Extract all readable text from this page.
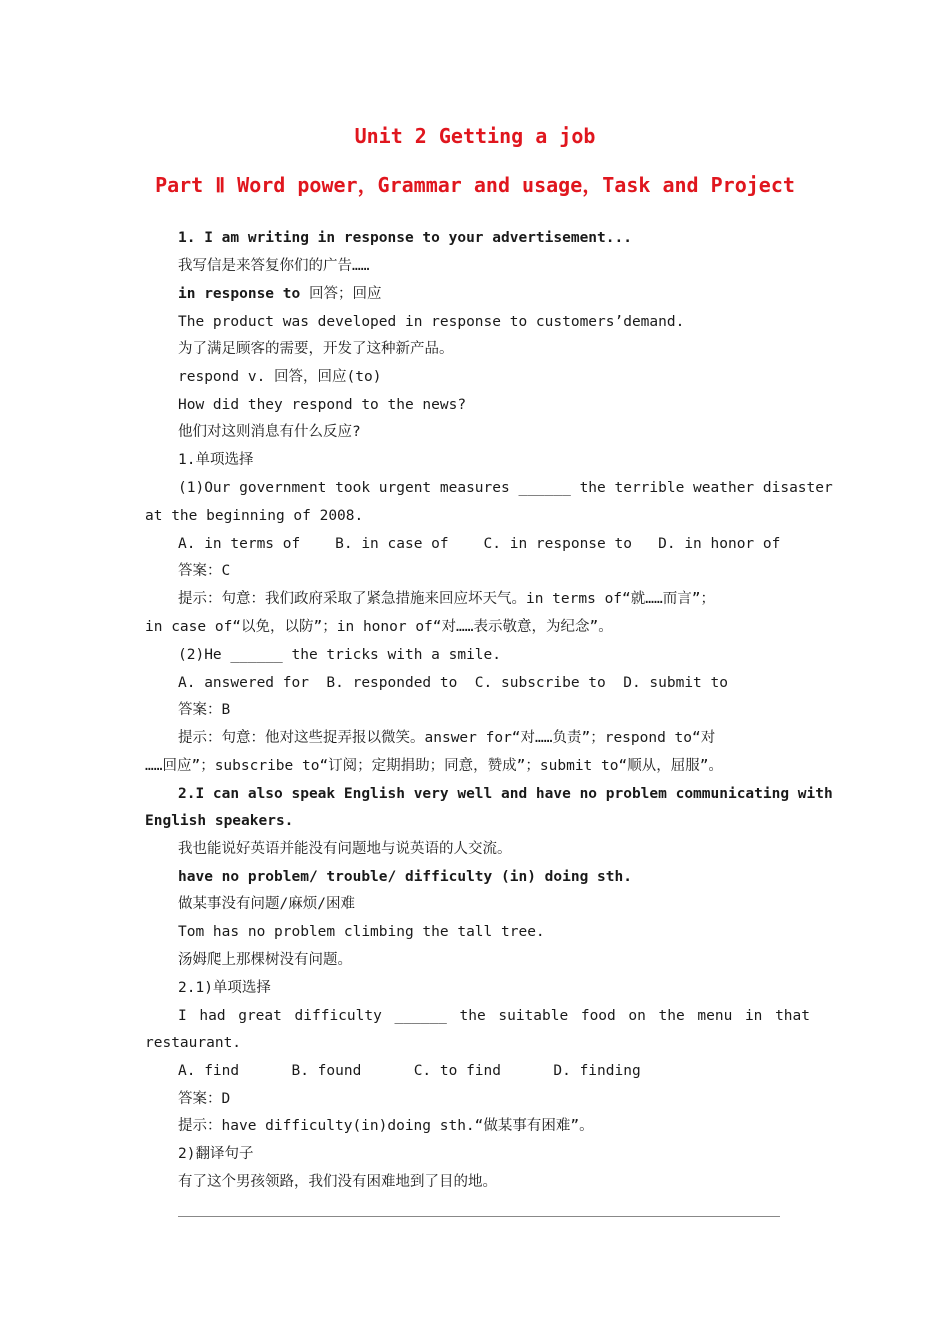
Unit 2 Getting a job
Part Ⅱ Word power，Grammar and usage，Task and Project
1. I am writing in response to your advertisement...
我写信是来答复你们的广告……
in response to 回答；回应
The product was developed in response to customers’demand.
为了满足顾客的需要，开发了这种新产品。
respond v. 回答，回应(to)
How did they respond to the news?
他们对这则消息有什么反应?
1.单项选择
(1)Our government took urgent measures ______ the terrible weather disaster
at the beginning of 2008.
A. in terms of    B. in case of    C. in response to   D. in honor of
答案：C
提示：句意：我们政府采取了紧急措施来回应坏天气。in terms of“就……而言”；
in case of“以免，以防”；in honor of“对……表示敬意，为纪念”。
(2)He ______ the tricks with a smile.
A. answered for  B. responded to  C. subscribe to  D. submit to
答案：B
提示：句意：他对这些捉弄报以微笑。answer for“对……负责”；respond to“对
……回应”；subscribe to“订阅；定期捐助；同意，赞成”；submit to“顺从，屈服”。
2.I can also speak English very well and have no problem communicating with
English speakers.
我也能说好英语并能没有问题地与说英语的人交流。
have no problem/ trouble/ difficulty (in) doing sth.
做某事没有问题/麻烦/困难
Tom has no problem climbing the tall tree.
汤姆爬上那棵树没有问题。
2.1)单项选择
I had great difficulty ______ the suitable food on the menu in that
restaurant.
A. find      B. found      C. to find      D. finding
答案：D
提示：have difficulty(in)doing sth.“做某事有困难”。
2)翻译句子
有了这个男孩领路，我们没有困难地到了目的地。
